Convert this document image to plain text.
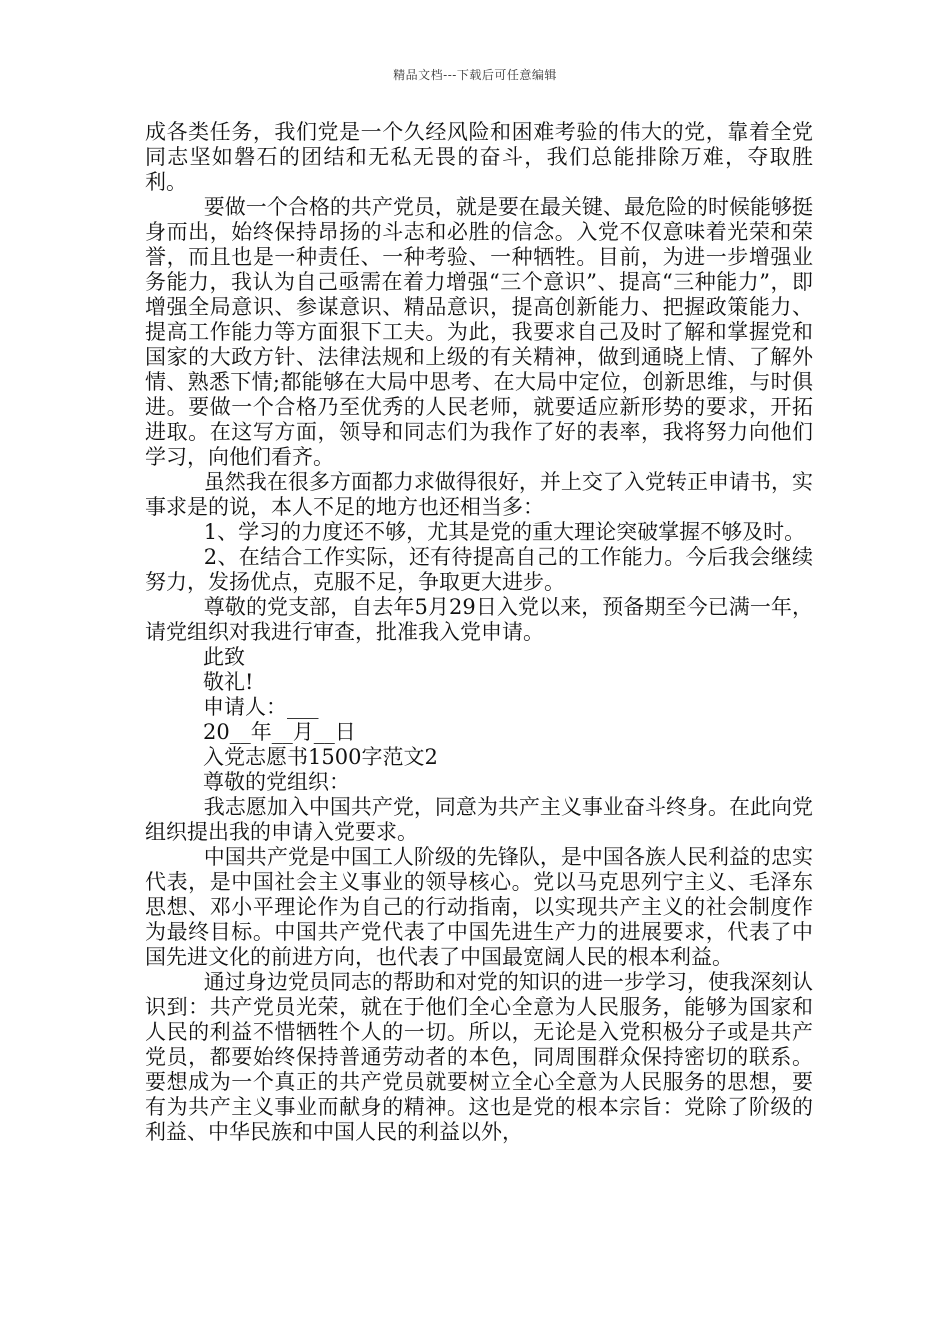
精品文档---下载后可任意编辑

成各类任务，我们党是一个久经风险和困难考验的伟大的党，靠着全党同志坚如磐石的团结和无私无畏的奋斗，我们总能排除万难，夺取胜利。

要做一个合格的共产党员，就是要在最关键、最危险的时候能够挺身而出，始终保持昂扬的斗志和必胜的信念。入党不仅意味着光荣和荣誉，而且也是一种责任、一种考验、一种牺牲。目前，为进一步增强业务能力，我认为自己亟需在着力增强“三个意识”、提高“三种能力”，即增强全局意识、参谋意识、精品意识，提高创新能力、把握政策能力、提高工作能力等方面狠下工夫。为此，我要求自己及时了解和掌握党和国家的大政方针、法律法规和上级的有关精神，做到通晓上情、了解外情、熟悉下情;都能够在大局中思考、在大局中定位，创新思维，与时俱进。要做一个合格乃至优秀的人民老师，就要适应新形势的要求，开拓进取。在这写方面，领导和同志们为我作了好的表率，我将努力向他们学习，向他们看齐。

虽然我在很多方面都力求做得很好，并上交了入党转正申请书，实事求是的说，本人不足的地方也还相当多：

1、学习的力度还不够，尤其是党的重大理论突破掌握不够及时。

2、在结合工作实际，还有待提高自己的工作能力。今后我会继续努力，发扬优点，克服不足，争取更大进步。

尊敬的党支部，自去年5月29日入党以来，预备期至今已满一年，请党组织对我进行审查，批准我入党申请。

此致

敬礼!

申请人：___

20__年__月__日

入党志愿书1500字范文2

尊敬的党组织：

我志愿加入中国共产党，同意为共产主义事业奋斗终身。在此向党组织提出我的申请入党要求。

中国共产党是中国工人阶级的先锋队，是中国各族人民利益的忠实代表，是中国社会主义事业的领导核心。党以马克思列宁主义、毛泽东思想、邓小平理论作为自己的行动指南，以实现共产主义的社会制度作为最终目标。中国共产党代表了中国先进生产力的进展要求，代表了中国先进文化的前进方向，也代表了中国最宽阔人民的根本利益。

通过身边党员同志的帮助和对党的知识的进一步学习，使我深刻认识到：共产党员光荣，就在于他们全心全意为人民服务，能够为国家和人民的利益不惜牺牲个人的一切。所以，无论是入党积极分子或是共产党员，都要始终保持普通劳动者的本色，同周围群众保持密切的联系。要想成为一个真正的共产党员就要树立全心全意为人民服务的思想，要有为共产主义事业而献身的精神。这也是党的根本宗旨：党除了阶级的利益、中华民族和中国人民的利益以外，
